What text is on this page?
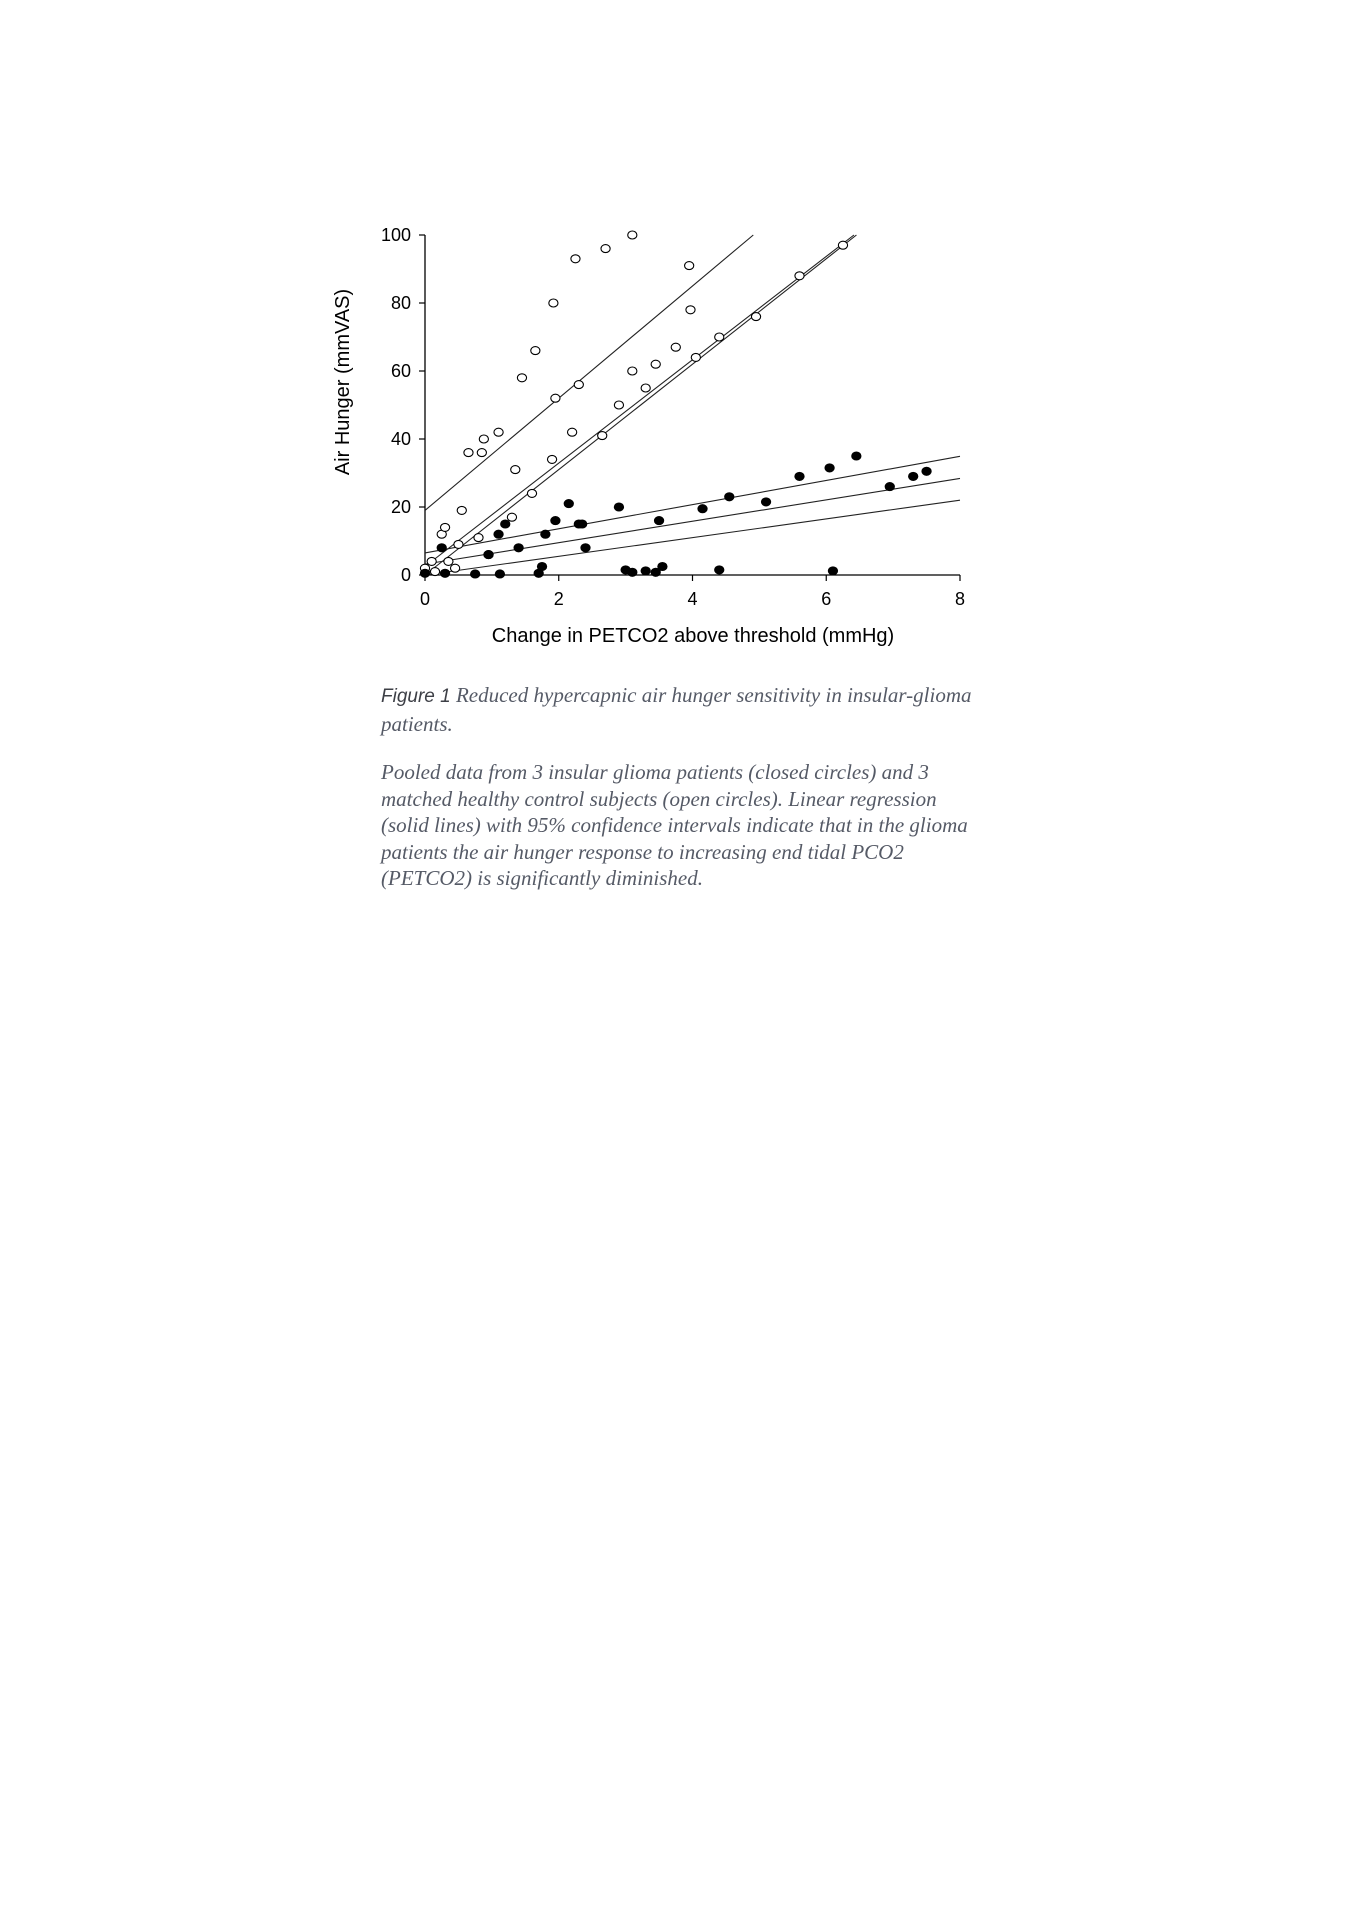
0
20
40
60
80
100
0	2	4	6	8
Air Hunger (mmVAS)
Change in PETCO2 above threshold (mmHg)

Figure 1 Reduced hypercapnic air hunger sensitivity in insular-glioma patients.

Pooled data from 3 insular glioma patients (closed circles) and 3 matched healthy control subjects (open circles). Linear regression (solid lines) with 95% confidence intervals indicate that in the glioma patients the air hunger response to increasing end tidal PCO2 (PETCO2) is significantly diminished.
